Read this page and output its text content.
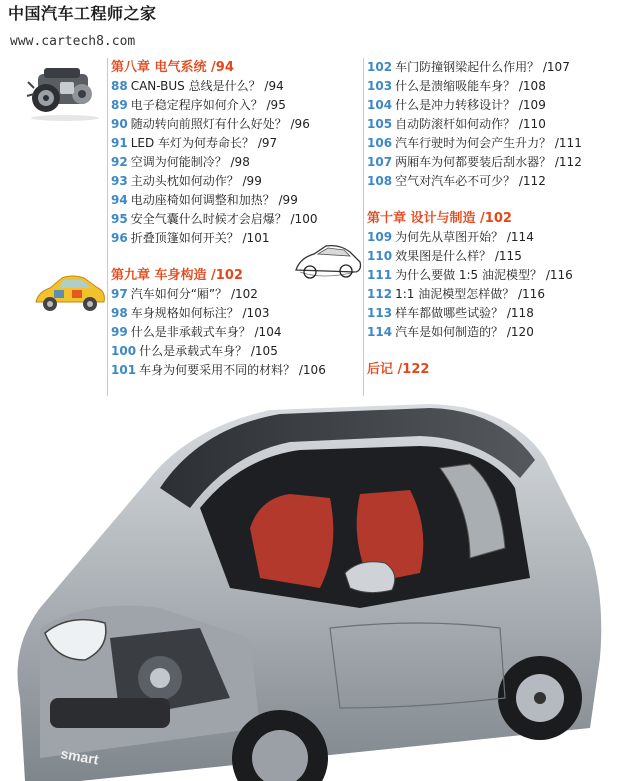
中国汽车工程师之家
www.cartech8.com
第八章 电气系统 /94
88 CAN-BUS 总线是什么？ /94
89 电子稳定程序如何介入？ /95
90 随动转向前照灯有什么好处？ /96
91 LED 车灯为何寿命长？ /97
92 空调为何能制冷？ /98
93 主动头枕如何动作？ /99
94 电动座椅如何调整和加热？ /99
95 安全气囊什么时候才会启爆？ /100
96 折叠顶篷如何开关？ /101
第九章 车身构造 /102
97 汽车如何分“厢”？ /102
98 车身规格如何标注？ /103
99 什么是非承载式车身？ /104
100 什么是承载式车身？ /105
101 车身为何要采用不同的材料？ /106
102 车门防撞钢梁起什么作用？ /107
103 什么是溃缩吸能车身？ /108
104 什么是冲力转移设计？ /109
105 自动防滚杆如何动作？ /110
106 汽车行驶时为何会产生升力？ /111
107 两厢车为何都要装后刮水器？ /112
108 空气对汽车必不可少？ /112
第十章 设计与制造 /102
109 为何先从草图开始？ /114
110 效果图是什么样？ /115
111 为什么要做 1:5 油泥模型？ /116
112 1:1 油泥模型怎样做？ /116
113 样车都做哪些试验？ /118
114 汽车是如何制造的？ /120
后记 /122
smart
